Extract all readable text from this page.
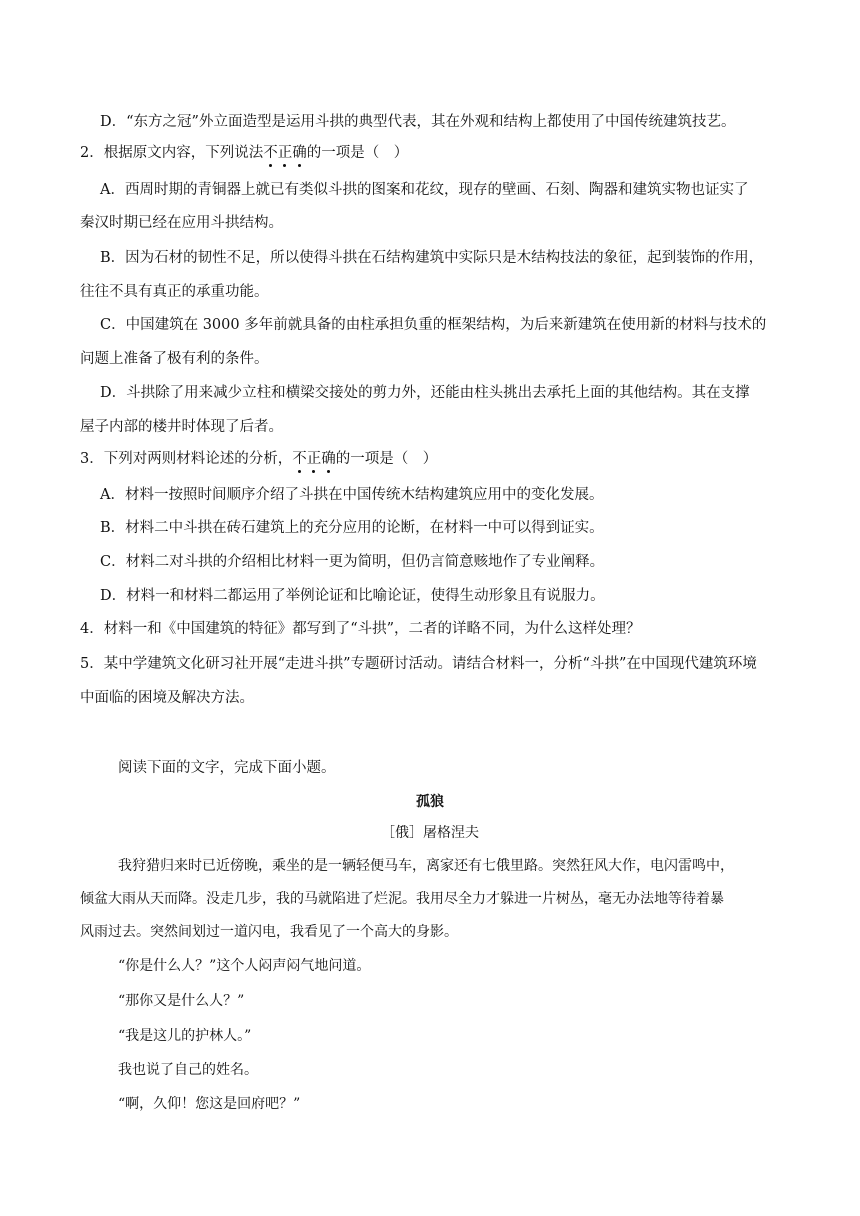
D．“东方之冠”外立面造型是运用斗拱的典型代表，其在外观和结构上都使用了中国传统建筑技艺。
2．根据原文内容，下列说法不正确的一项是（　）
A．西周时期的青铜器上就已有类似斗拱的图案和花纹，现存的壁画、石刻、陶器和建筑实物也证实了
秦汉时期已经在应用斗拱结构。
B．因为石材的韧性不足，所以使得斗拱在石结构建筑中实际只是木结构技法的象征，起到装饰的作用，
往往不具有真正的承重功能。
C．中国建筑在 3000 多年前就具备的由柱承担负重的框架结构，为后来新建筑在使用新的材料与技术的
问题上准备了极有利的条件。
D．斗拱除了用来减少立柱和横梁交接处的剪力外，还能由柱头挑出去承托上面的其他结构。其在支撑
屋子内部的楼井时体现了后者。
3．下列对两则材料论述的分析，不正确的一项是（　）
A．材料一按照时间顺序介绍了斗拱在中国传统木结构建筑应用中的变化发展。
B．材料二中斗拱在砖石建筑上的充分应用的论断，在材料一中可以得到证实。
C．材料二对斗拱的介绍相比材料一更为简明，但仍言简意赅地作了专业阐释。
D．材料一和材料二都运用了举例论证和比喻论证，使得生动形象且有说服力。
4．材料一和《中国建筑的特征》都写到了“斗拱”，二者的详略不同，为什么这样处理？
5．某中学建筑文化研习社开展“走进斗拱”专题研讨活动。请结合材料一，分析“斗拱”在中国现代建筑环境
中面临的困境及解决方法。
阅读下面的文字，完成下面小题。
孤狼
［俄］屠格涅夫
我狩猎归来时已近傍晚，乘坐的是一辆轻便马车，离家还有七俄里路。突然狂风大作，电闪雷鸣中，
倾盆大雨从天而降。没走几步，我的马就陷进了烂泥。我用尽全力才躲进一片树丛，毫无办法地等待着暴
风雨过去。突然间划过一道闪电，我看见了一个高大的身影。
“你是什么人？”这个人闷声闷气地问道。
“那你又是什么人？”
“我是这儿的护林人。”
我也说了自己的姓名。
“啊，久仰！您这是回府吧？”
